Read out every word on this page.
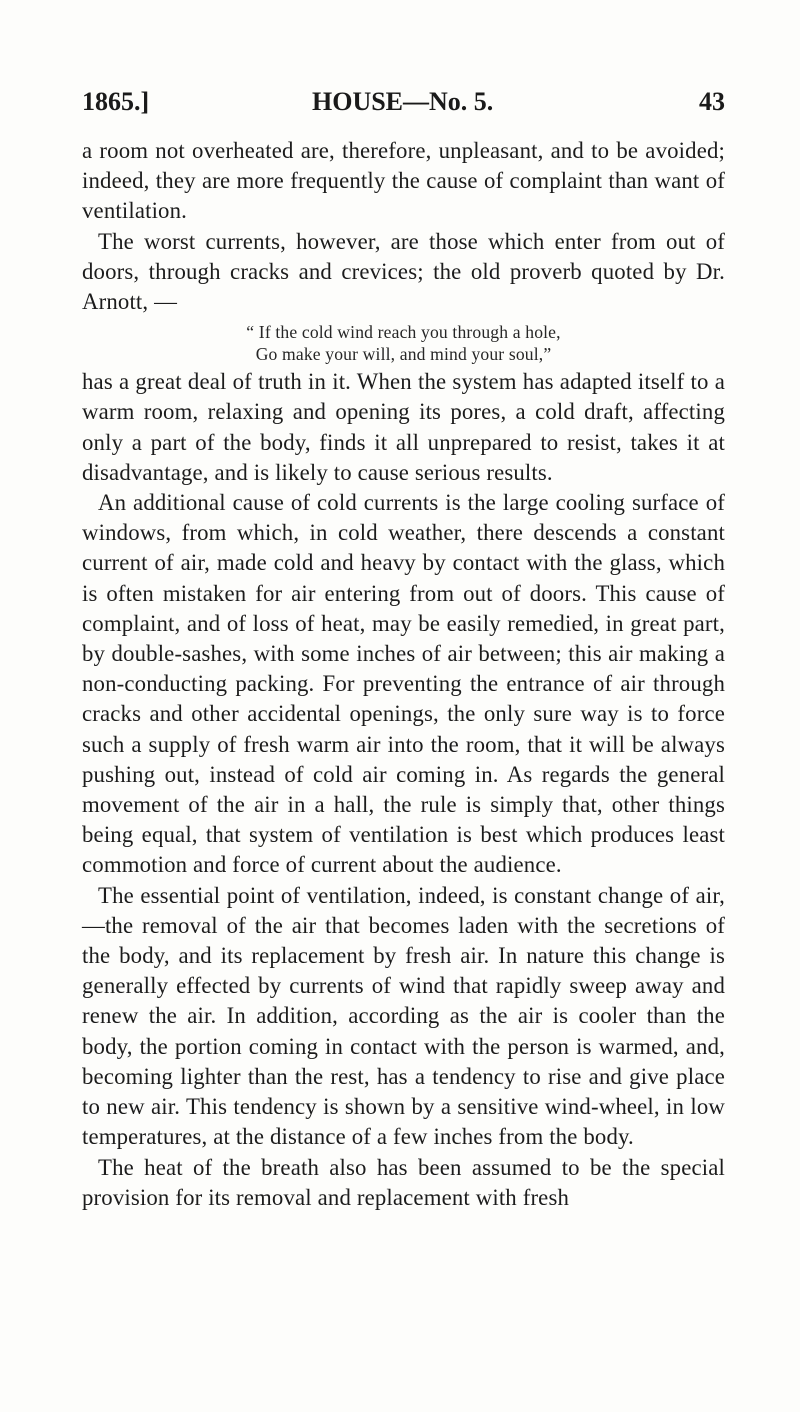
1865.]	HOUSE—No. 5.	43

a room not overheated are, therefore, unpleasant, and to be avoided; indeed, they are more frequently the cause of complaint than want of ventilation.

The worst currents, however, are those which enter from out of doors, through cracks and crevices; the old proverb quoted by Dr. Arnott, —

“ If the cold wind reach you through a hole,
Go make your will, and mind your soul,”

has a great deal of truth in it. When the system has adapted itself to a warm room, relaxing and opening its pores, a cold draft, affecting only a part of the body, finds it all unprepared to resist, takes it at disadvantage, and is likely to cause serious results.

An additional cause of cold currents is the large cooling surface of windows, from which, in cold weather, there descends a constant current of air, made cold and heavy by contact with the glass, which is often mistaken for air entering from out of doors. This cause of complaint, and of loss of heat, may be easily remedied, in great part, by double-sashes, with some inches of air between; this air making a non-conducting packing. For preventing the entrance of air through cracks and other accidental openings, the only sure way is to force such a supply of fresh warm air into the room, that it will be always pushing out, instead of cold air coming in. As regards the general movement of the air in a hall, the rule is simply that, other things being equal, that system of ventilation is best which produces least commotion and force of current about the audience.

The essential point of ventilation, indeed, is constant change of air,—the removal of the air that becomes laden with the secretions of the body, and its replacement by fresh air. In nature this change is generally effected by currents of wind that rapidly sweep away and renew the air. In addition, according as the air is cooler than the body, the portion coming in contact with the person is warmed, and, becoming lighter than the rest, has a tendency to rise and give place to new air. This tendency is shown by a sensitive wind-wheel, in low temperatures, at the distance of a few inches from the body.

The heat of the breath also has been assumed to be the special provision for its removal and replacement with fresh
